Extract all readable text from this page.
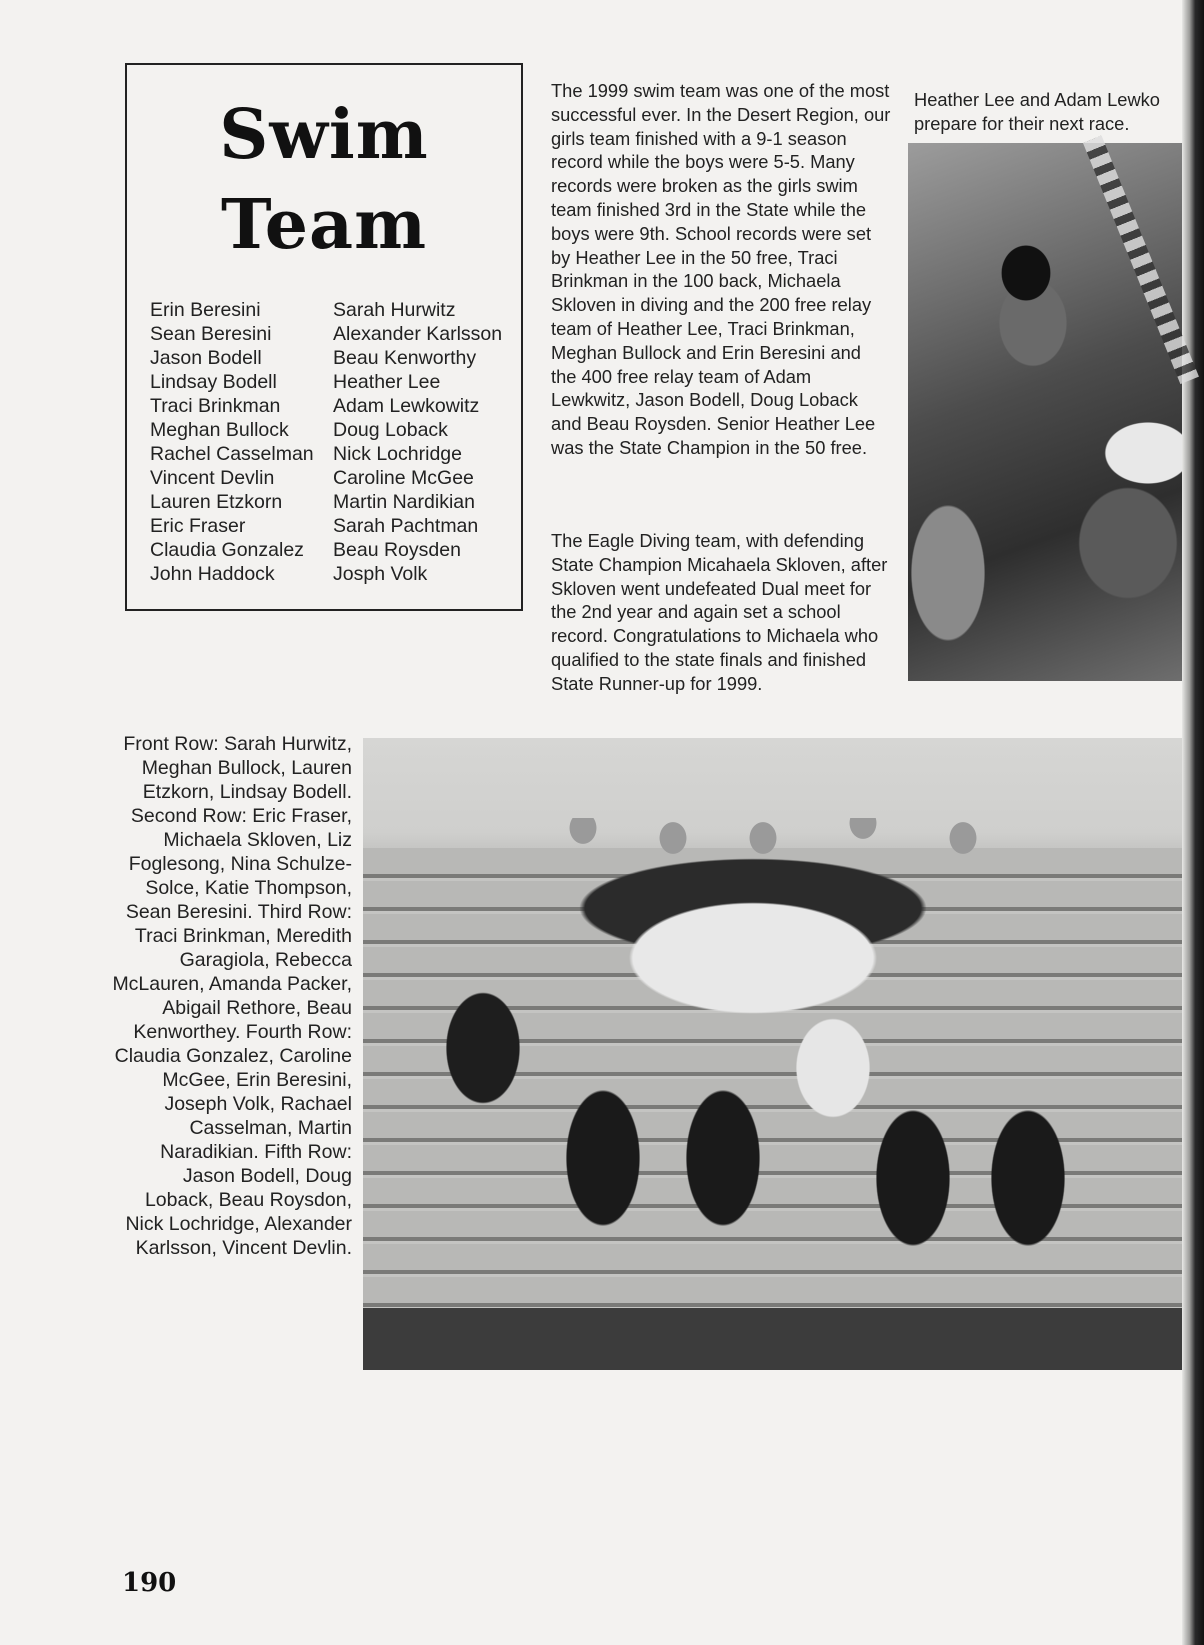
Swim
Team
Erin Beresini
Sean Beresini
Jason Bodell
Lindsay Bodell
Traci Brinkman
Meghan Bullock
Rachel Casselman
Vincent Devlin
Lauren Etzkorn
Eric Fraser
Claudia Gonzalez
John Haddock
Sarah Hurwitz
Alexander Karlsson
Beau Kenworthy
Heather Lee
Adam Lewkowitz
Doug Loback
Nick Lochridge
Caroline McGee
Martin Nardikian
Sarah Pachtman
Beau Roysden
Josph Volk

The 1999 swim team was one of the most successful ever. In the Desert Region, our girls team finished with a 9-1 season record while the boys were 5-5. Many records were broken as the girls swim team finished 3rd in the State while the boys were 9th. School records were set by Heather Lee in the 50 free, Traci Brinkman in the 100 back, Michaela Skloven in diving and the 200 free relay team of Heather Lee, Traci Brinkman, Meghan Bullock and Erin Beresini and the 400 free relay team of Adam Lewkwitz, Jason Bodell, Doug Loback and Beau Roysden. Senior Heather Lee was the State Champion in the 50 free.

The Eagle Diving team, with defending State Champion Micahaela Skloven, after Skloven went undefeated Dual meet for the 2nd year and again set a school record. Congratulations to Michaela who qualified to the state finals and finished State Runner-up for 1999.

Heather Lee and Adam Lewko
prepare for their next race.

Front Row: Sarah Hurwitz, Meghan Bullock, Lauren Etzkorn, Lindsay Bodell. Second Row: Eric Fraser, Michaela Skloven, Liz Foglesong, Nina Schulze-Solce, Katie Thompson, Sean Beresini. Third Row: Traci Brinkman, Meredith Garagiola, Rebecca McLauren, Amanda Packer, Abigail Rethore, Beau Kenworthey. Fourth Row: Claudia Gonzalez, Caroline McGee, Erin Beresini, Joseph Volk, Rachael Casselman, Martin Naradikian. Fifth Row: Jason Bodell, Doug Loback, Beau Roysdon, Nick Lochridge, Alexander Karlsson, Vincent Devlin.

190
